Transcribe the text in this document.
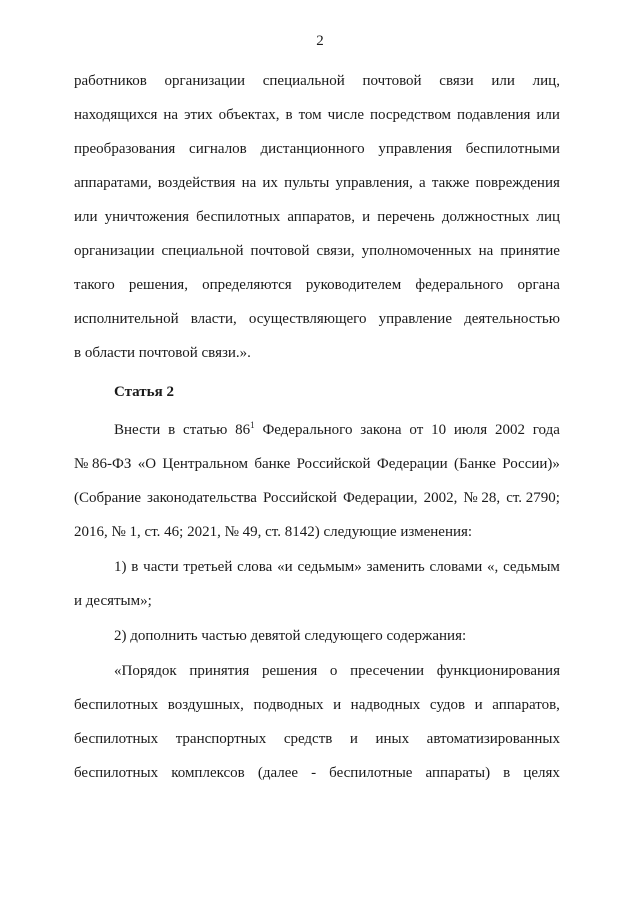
2
работников организации специальной почтовой связи или лиц,
находящихся на этих объектах, в том числе посредством подавления или
преобразования сигналов дистанционного управления беспилотными
аппаратами, воздействия на их пульты управления, а также повреждения
или уничтожения беспилотных аппаратов, и перечень должностных лиц
организации специальной почтовой связи, уполномоченных на принятие
такого решения, определяются руководителем федерального органа
исполнительной власти, осуществляющего управление деятельностью
в области почтовой связи.».
Статья 2
Внести в статью $86^1$ Федерального закона от 10 июля 2002 года
№ 86-ФЗ «О Центральном банке Российской Федерации (Банке России)»
(Собрание законодательства Российской Федерации, 2002, № 28, ст. 2790;
2016, № 1, ст. 46; 2021, № 49, ст. 8142) следующие изменения:
1) в части третьей слова «и седьмым» заменить словами «, седьмым
и десятым»;
2) дополнить частью девятой следующего содержания:
«Порядок принятия решения о пресечении функционирования
беспилотных воздушных, подводных и надводных судов и аппаратов,
беспилотных транспортных средств и иных автоматизированных
беспилотных комплексов (далее - беспилотные аппараты) в целях
